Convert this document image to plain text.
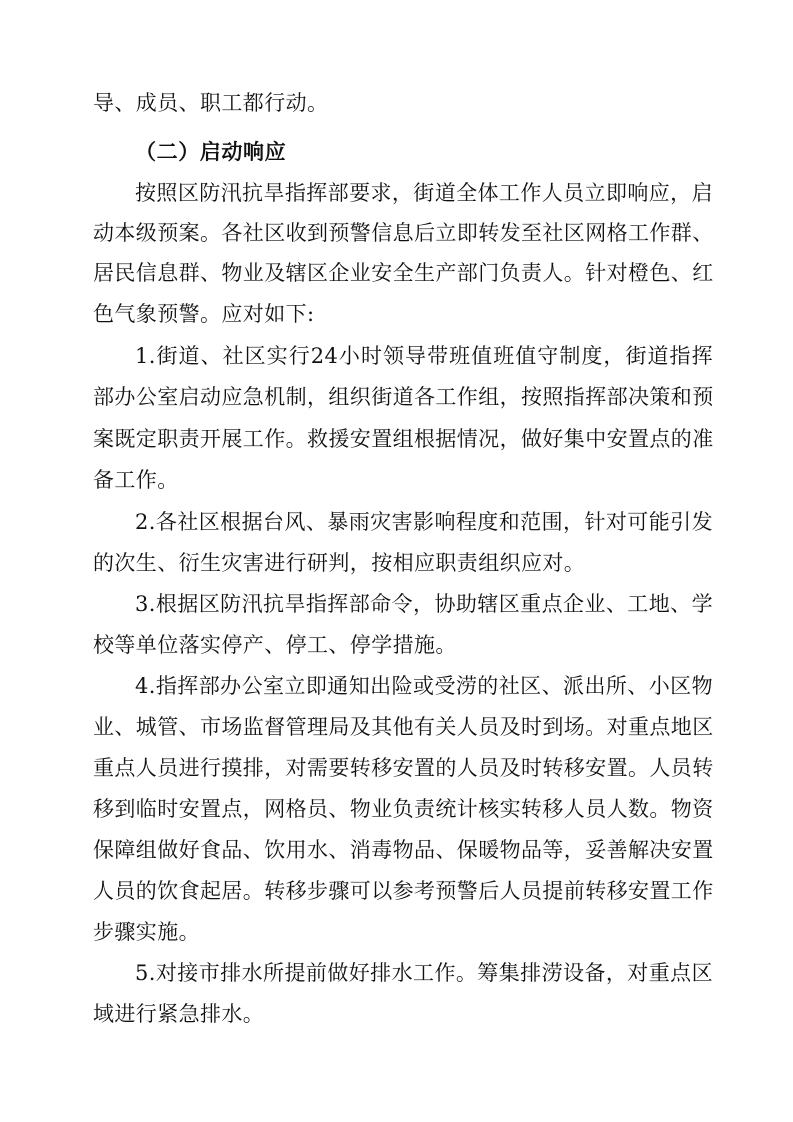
导、成员、职工都行动。
（二）启动响应
按照区防汛抗旱指挥部要求，街道全体工作人员立即响应，启
动本级预案。各社区收到预警信息后立即转发至社区网格工作群、
居民信息群、物业及辖区企业安全生产部门负责人。针对橙色、红
色气象预警。应对如下:
1.街道、社区实行24小时领导带班值班值守制度，街道指挥
部办公室启动应急机制，组织街道各工作组，按照指挥部决策和预
案既定职责开展工作。救援安置组根据情况，做好集中安置点的准
备工作。
2.各社区根据台风、暴雨灾害影响程度和范围，针对可能引发
的次生、衍生灾害进行研判，按相应职责组织应对。
3.根据区防汛抗旱指挥部命令，协助辖区重点企业、工地、学
校等单位落实停产、停工、停学措施。
4.指挥部办公室立即通知出险或受涝的社区、派出所、小区物
业、城管、市场监督管理局及其他有关人员及时到场。对重点地区
重点人员进行摸排，对需要转移安置的人员及时转移安置。人员转
移到临时安置点，网格员、物业负责统计核实转移人员人数。物资
保障组做好食品、饮用水、消毒物品、保暖物品等，妥善解决安置
人员的饮食起居。转移步骤可以参考预警后人员提前转移安置工作
步骤实施。
5.对接市排水所提前做好排水工作。筹集排涝设备，对重点区
域进行紧急排水。
